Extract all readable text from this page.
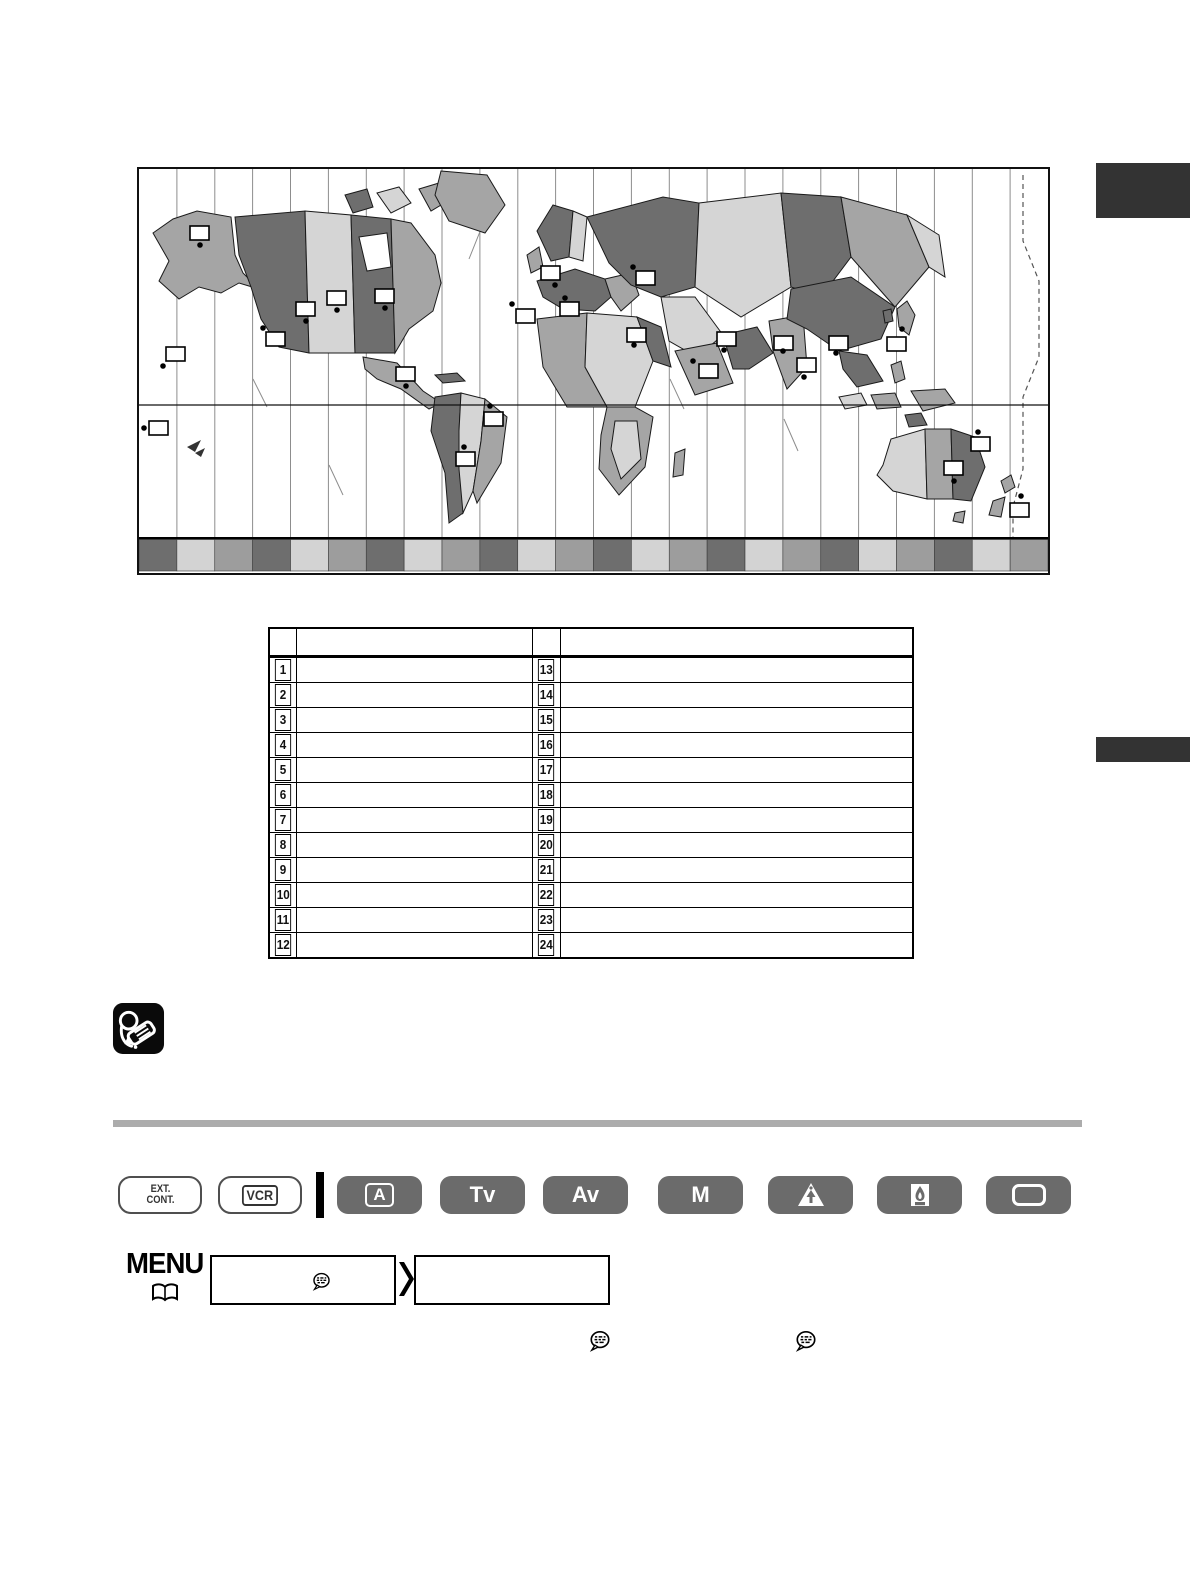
1		13	
2		14	
3		15	
4		16	
5		17	
6		18	
7		19	
8		20	
9		21	
10		22	
11		23	
12		24	
EXT.
CONT.	VCR	A	Tv	Av	M
MENU
